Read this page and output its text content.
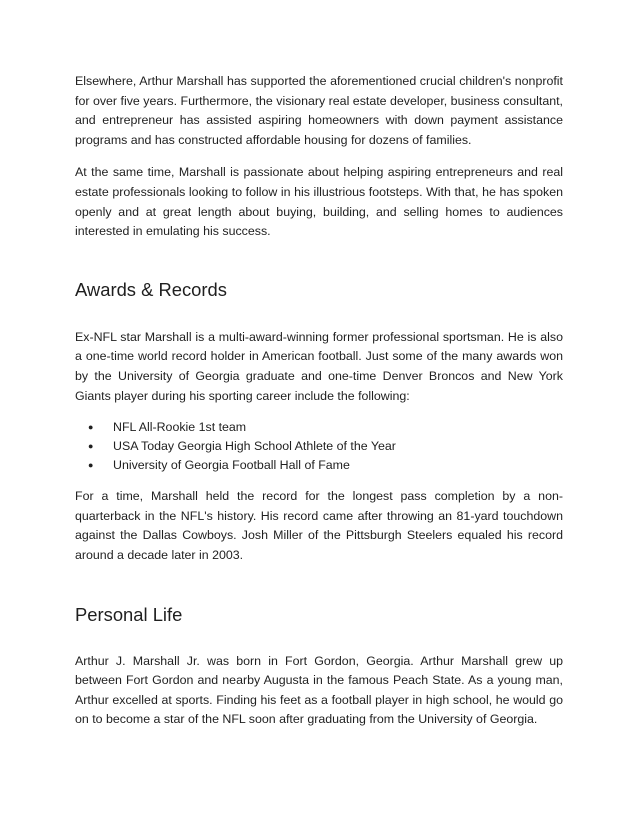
Elsewhere, Arthur Marshall has supported the aforementioned crucial children's nonprofit for over five years. Furthermore, the visionary real estate developer, business consultant, and entrepreneur has assisted aspiring homeowners with down payment assistance programs and has constructed affordable housing for dozens of families.

At the same time, Marshall is passionate about helping aspiring entrepreneurs and real estate professionals looking to follow in his illustrious footsteps. With that, he has spoken openly and at great length about buying, building, and selling homes to audiences interested in emulating his success.

Awards & Records

Ex-NFL star Marshall is a multi-award-winning former professional sportsman. He is also a one-time world record holder in American football. Just some of the many awards won by the University of Georgia graduate and one-time Denver Broncos and New York Giants player during his sporting career include the following:

● NFL All-Rookie 1st team
● USA Today Georgia High School Athlete of the Year
● University of Georgia Football Hall of Fame

For a time, Marshall held the record for the longest pass completion by a non-quarterback in the NFL's history. His record came after throwing an 81-yard touchdown against the Dallas Cowboys. Josh Miller of the Pittsburgh Steelers equaled his record around a decade later in 2003.

Personal Life

Arthur J. Marshall Jr. was born in Fort Gordon, Georgia. Arthur Marshall grew up between Fort Gordon and nearby Augusta in the famous Peach State. As a young man, Arthur excelled at sports. Finding his feet as a football player in high school, he would go on to become a star of the NFL soon after graduating from the University of Georgia.
